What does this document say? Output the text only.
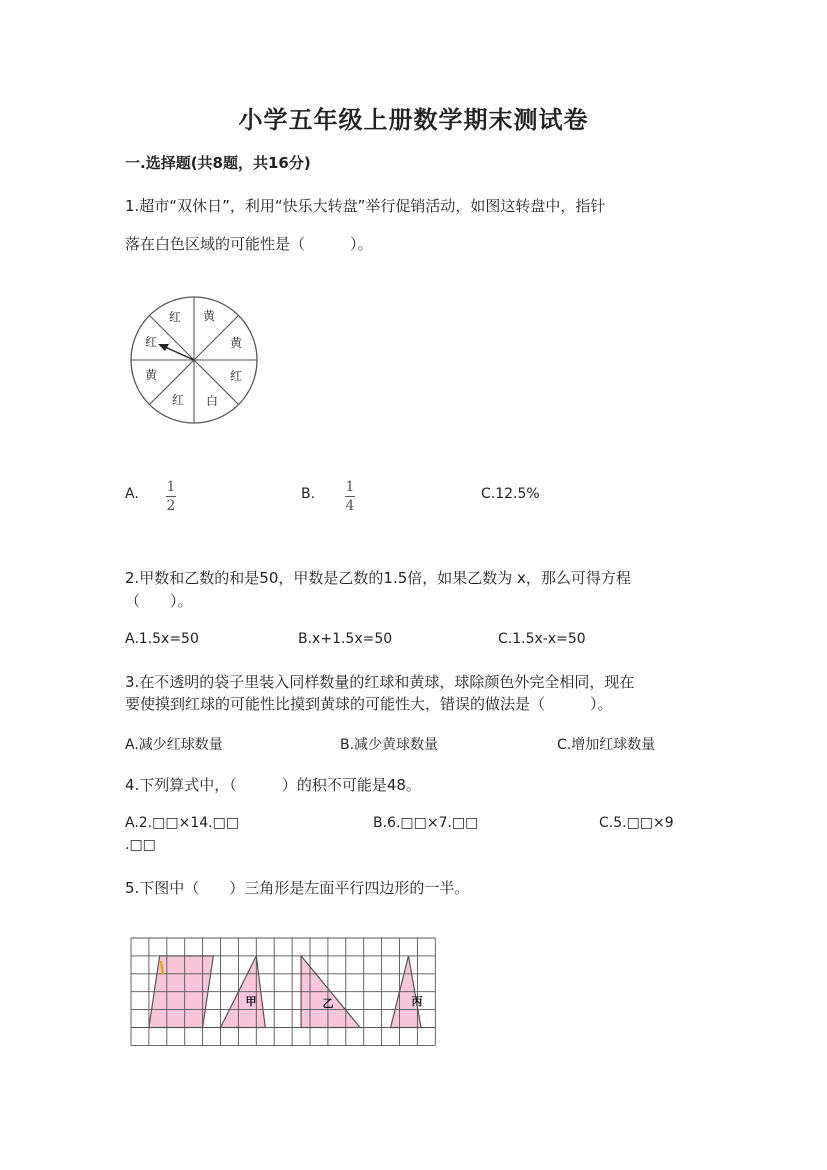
小学五年级上册数学期末测试卷
一.选择题(共8题，共16分)
1.超市“双休日”，利用“快乐大转盘”举行促销活动，如图这转盘中，指针
落在白色区域的可能性是（　　　）。
黄
黄
红
白
红
黄
红
红
A. 1
2
B. 1
4
C.12.5%
2.甲数和乙数的和是50，甲数是乙数的1.5倍，如果乙数为 x，那么可得方程
（　　）。
A.1.5x=50	B.x+1.5x=50	C.1.5x-x=50
3.在不透明的袋子里装入同样数量的红球和黄球，球除颜色外完全相同，现在
要使摸到红球的可能性比摸到黄球的可能性大，错误的做法是（　　　）。
A.减少红球数量	B.减少黄球数量	C.增加红球数量
4.下列算式中，（　　　）的积不可能是48。
A.2.□□×14.□□	B.6.□□×7.□□	C.5.□□×9
.□□
5.下图中（　　）三角形是左面平行四边形的一半。
甲	乙	丙
